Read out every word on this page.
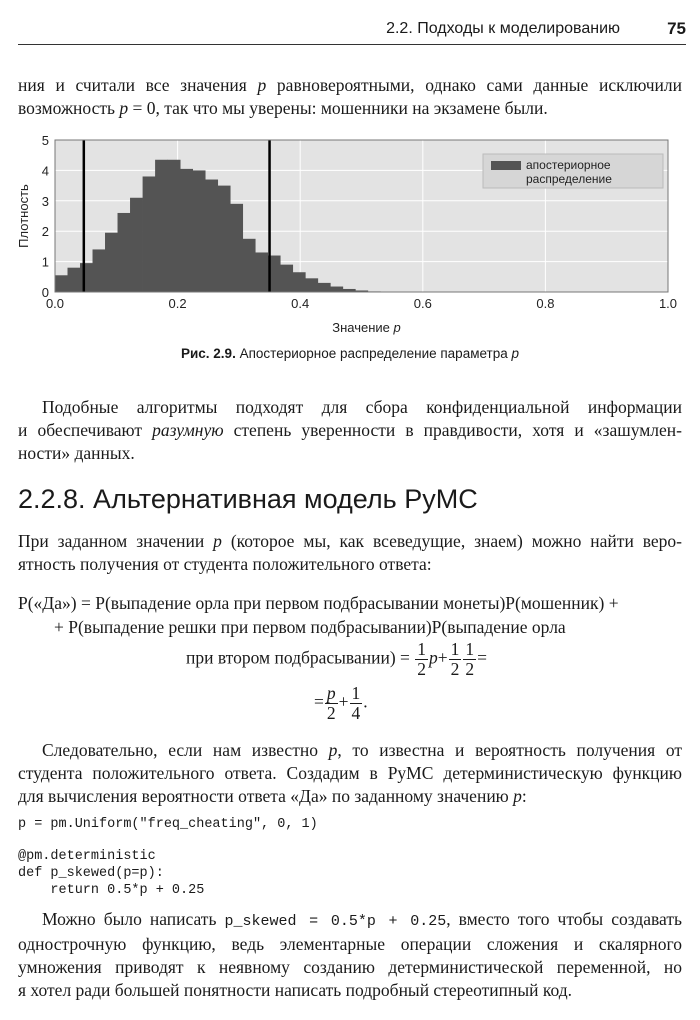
2.2. Подходы к моделированию	75
ния и считали все значения p равновероятными, однако сами данные исключили
возможность p = 0, так что мы уверены: мошенники на экзамене были.
0.0	0.2	0.4	0.6	0.8	1.0
0
1
2
3
4
5
Значение p
Плотность
апостериорное
распределение
Рис. 2.9. Апостериорное распределение параметра p
Подобные алгоритмы подходят для сбора конфиденциальной информации
и обеспечивают разумную степень уверенности в правдивости, хотя и «зашумлен-
ности» данных.
2.2.8. Альтернативная модель PyMC
При заданном значении p (которое мы, как всеведущие, знаем) можно найти веро-
ятность получения от студента положительного ответа:
P(«Да») = P(выпадение орла при первом подбрасывании монеты)P(мошенник) +
+ P(выпадение решки при первом подбрасывании)P(выпадение орла
при втором подбрасывании) = $\frac{1}{2} p+ \frac{1}{2} \frac{1}{2}$ =
= $\frac{p}{2} + \frac{1}{4}$ .
Следовательно, если нам известно p, то известна и вероятность получения от
студента положительного ответа. Создадим в PyMC детерминистическую функцию
для вычисления вероятности ответа «Да» по заданному значению p:
p = pm.Uniform("freq_cheating", 0, 1)
@pm.deterministic
def p_skewed(p=p):
return 0.5*p + 0.25
Можно было написать p_skewed = 0.5*p + 0.25, вместо того чтобы создавать
однострочную функцию, ведь элементарные операции сложения и скалярного
умножения приводят к неявному созданию детерминистической переменной, но
я хотел ради большей понятности написать подробный стереотипный код.
